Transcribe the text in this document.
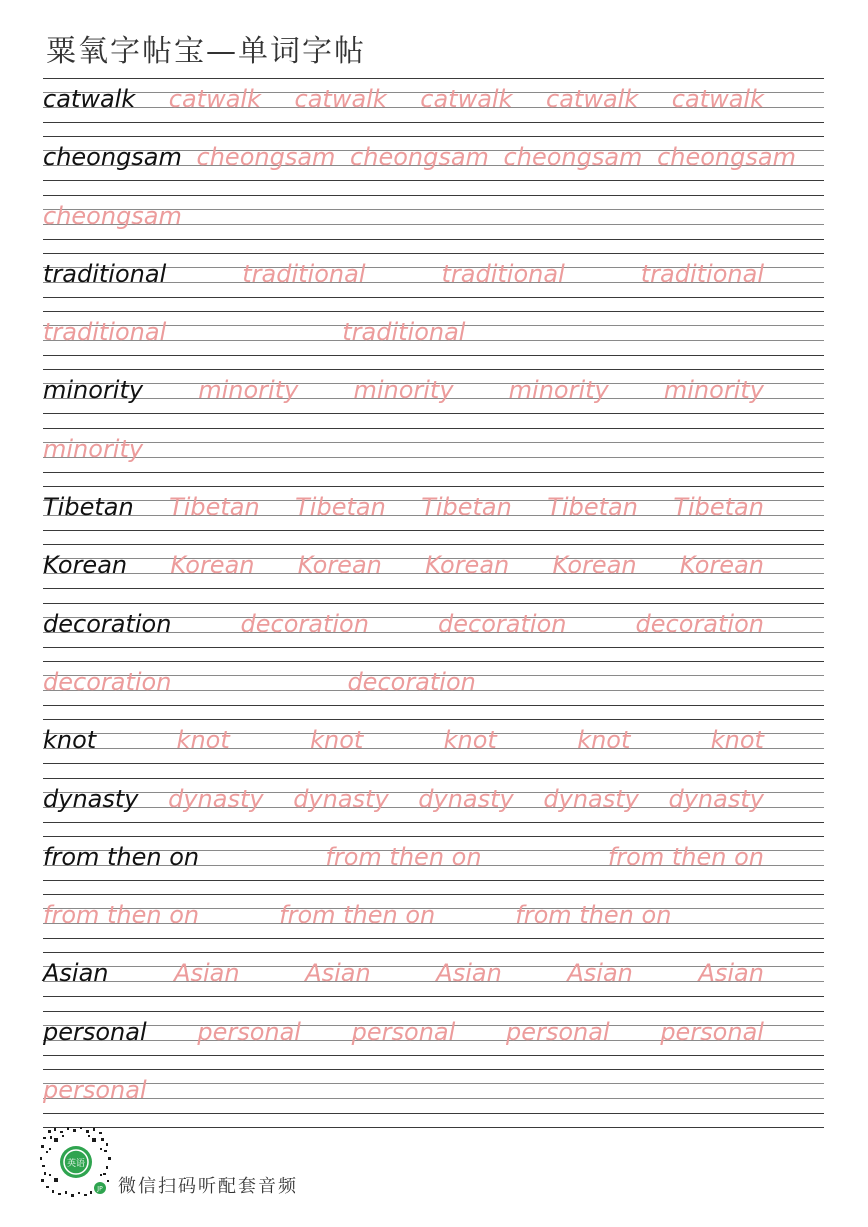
粟氧字帖宝—单词字帖
catwalk catwalk catwalk catwalk catwalk catwalk
cheongsam cheongsam cheongsam cheongsam cheongsam
cheongsam
traditional	traditional	traditional	traditional
traditional	traditional
minority minority minority minority minority
minority
Tibetan Tibetan Tibetan Tibetan Tibetan Tibetan
Korean Korean Korean Korean Korean Korean
decoration	decoration	decoration	decoration
decoration	decoration
knot	knot	knot	knot	knot	knot
dynasty dynasty dynasty dynasty dynasty dynasty
from then on	from then on	from then on
from then on	from then on	from then on
Asian	Asian	Asian	Asian	Asian	Asian
personal personal personal personal personal
personal
英语
JP 微信扫码听配套音频
